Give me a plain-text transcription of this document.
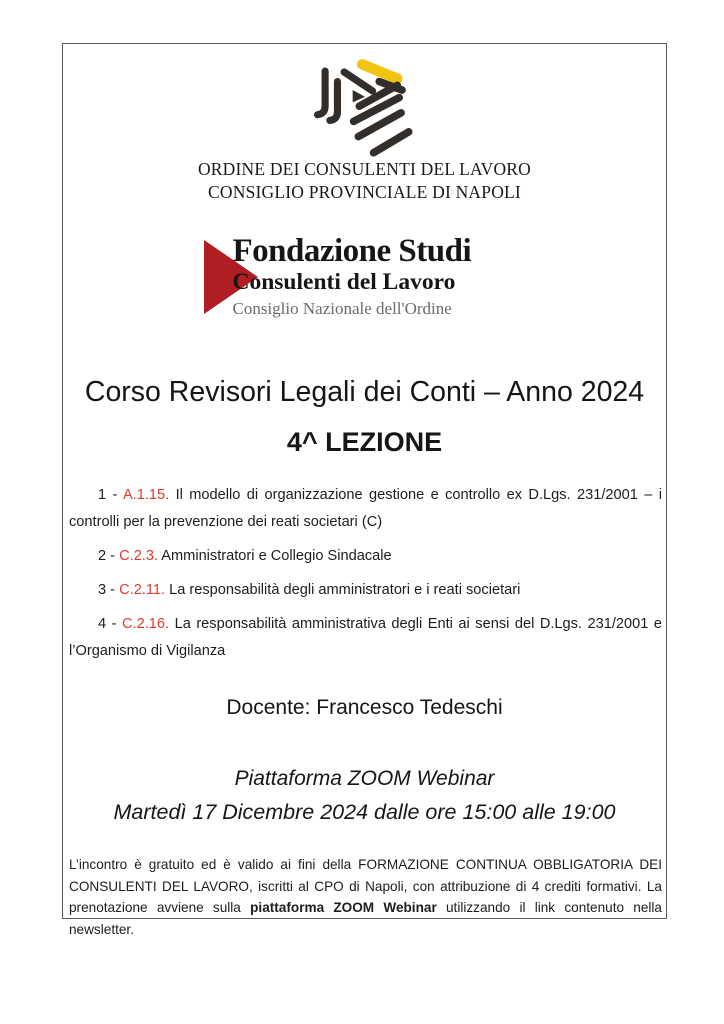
ORDINE DEI CONSULENTI DEL LAVORO
CONSIGLIO PROVINCIALE DI NAPOLI
Fondazione Studi
Consulenti del Lavoro
Consiglio Nazionale dell'Ordine
Corso Revisori Legali dei Conti – Anno 2024
4^ LEZIONE

1 - A.1.15. Il modello di organizzazione gestione e controllo ex D.Lgs. 231/2001 – i controlli per la prevenzione dei reati societari (C)

2 - C.2.3. Amministratori e Collegio Sindacale

3 - C.2.11. La responsabilità degli amministratori e i reati societari

4 - C.2.16. La responsabilità amministrativa degli Enti ai sensi del D.Lgs. 231/2001 e l’Organismo di Vigilanza

Docente: Francesco Tedeschi
Piattaforma ZOOM Webinar
Martedì 17 Dicembre 2024 dalle ore 15:00 alle 19:00

L’incontro è gratuito ed è valido ai fini della FORMAZIONE CONTINUA OBBLIGATORIA DEI CONSULENTI DEL LAVORO, iscritti al CPO di Napoli, con attribuzione di 4 crediti formativi. La prenotazione avviene sulla piattaforma ZOOM Webinar utilizzando il link contenuto nella newsletter.
